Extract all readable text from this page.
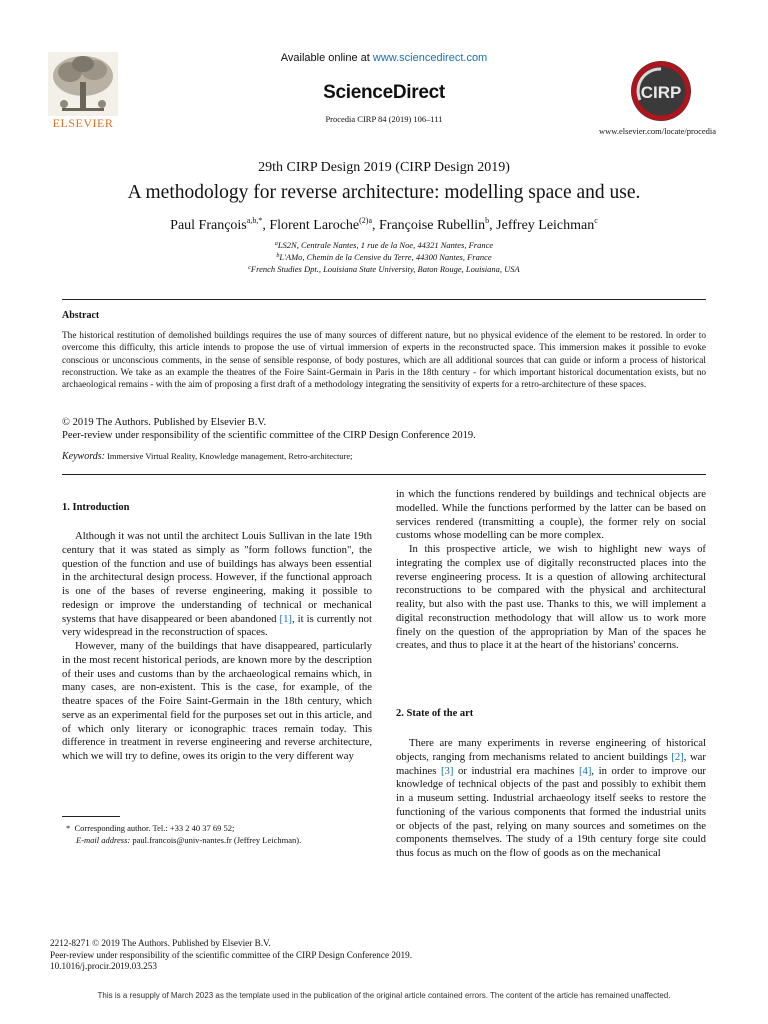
Available online at www.sciencedirect.com
ScienceDirect
Procedia CIRP 84 (2019) 106–111
ELSEVIER
CIRP
www.elsevier.com/locate/procedia
29th CIRP Design 2019 (CIRP Design 2019)
A methodology for reverse architecture: modelling space and use.
Paul François$^{a,b,*}$, Florent Laroche$^{(2)a}$, Françoise Rubellin$^b$, Jeffrey Leichman$^c$
$^a$LS2N, Centrale Nantes, 1 rue de la Noe, 44321 Nantes, France
$^b$L'AMo, Chemin de la Censive du Terre, 44300 Nantes, France
$^c$French Studies Dpt., Louisiana State University, Baton Rouge, Louisiana, USA
Abstract
The historical restitution of demolished buildings requires the use of many sources of different nature, but no physical evidence of the element to be restored. In order to overcome this difficulty, this article intends to propose the use of virtual immersion of experts in the reconstructed space. This immersion makes it possible to evoke conscious or unconscious comments, in the sense of sensible response, of body postures, which are all additional sources that can guide or inform a process of historical reconstruction. We take as an example the theatres of the Foire Saint-Germain in Paris in the 18th century - for which important historical documentation exists, but no archaeological remains - with the aim of proposing a first draft of a methodology integrating the sensitivity of experts for a retro-architecture of these spaces.
© 2019 The Authors. Published by Elsevier B.V.
Peer-review under responsibility of the scientific committee of the CIRP Design Conference 2019.
Keywords: Immersive Virtual Reality, Knowledge management, Retro-architecture;
1. Introduction

Although it was not until the architect Louis Sullivan in the late 19th century that it was stated as simply as "form follows function", the question of the function and use of buildings has always been essential in the architectural design process. However, if the functional approach is one of the bases of reverse engineering, making it possible to redesign or improve the understanding of technical or mechanical systems that have disappeared or been abandoned [1], it is currently not very widespread in the reconstruction of spaces.

However, many of the buildings that have disappeared, particularly in the most recent historical periods, are known more by the description of their uses and customs than by the archaeological remains which, in many cases, are non-existent. This is the case, for example, of the theatre spaces of the Foire Saint-Germain in the 18th century, which serve as an experimental field for the purposes set out in this article, and of which only literary or iconographic traces remain today. This difference in treatment in reverse engineering and reverse architecture, which we will try to define, owes its origin to the very different way

* Corresponding author. Tel.: +33 2 40 37 69 52;
E-mail address: paul.francois@univ-nantes.fr (Jeffrey Leichman).

in which the functions rendered by buildings and technical objects are modelled. While the functions performed by the latter can be based on services rendered (transmitting a couple), the former rely on social customs whose modelling can be more complex.

In this prospective article, we wish to highlight new ways of integrating the complex use of digitally reconstructed places into the reverse engineering process. It is a question of allowing architectural reconstructions to be compared with the physical and architectural reality, but also with the past use. Thanks to this, we will implement a digital reconstruction methodology that will allow us to work more finely on the question of the appropriation by Man of the spaces he creates, and thus to place it at the heart of the historians' concerns.

2. State of the art

There are many experiments in reverse engineering of historical objects, ranging from mechanisms related to ancient buildings [2], war machines [3] or industrial era machines [4], in order to improve our knowledge of technical objects of the past and possibly to exhibit them in a museum setting. Industrial archaeology itself seeks to restore the functioning of the various components that formed the industrial units or objects of the past, relying on many sources and sometimes on the components themselves. The study of a 19th century forge site could thus focus as much on the flow of goods as on the mechanical

2212-8271 © 2019 The Authors. Published by Elsevier B.V.
Peer-review under responsibility of the scientific committee of the CIRP Design Conference 2019.
10.1016/j.procir.2019.03.253
This is a resupply of March 2023 as the template used in the publication of the original article contained errors. The content of the article has remained unaffected.
